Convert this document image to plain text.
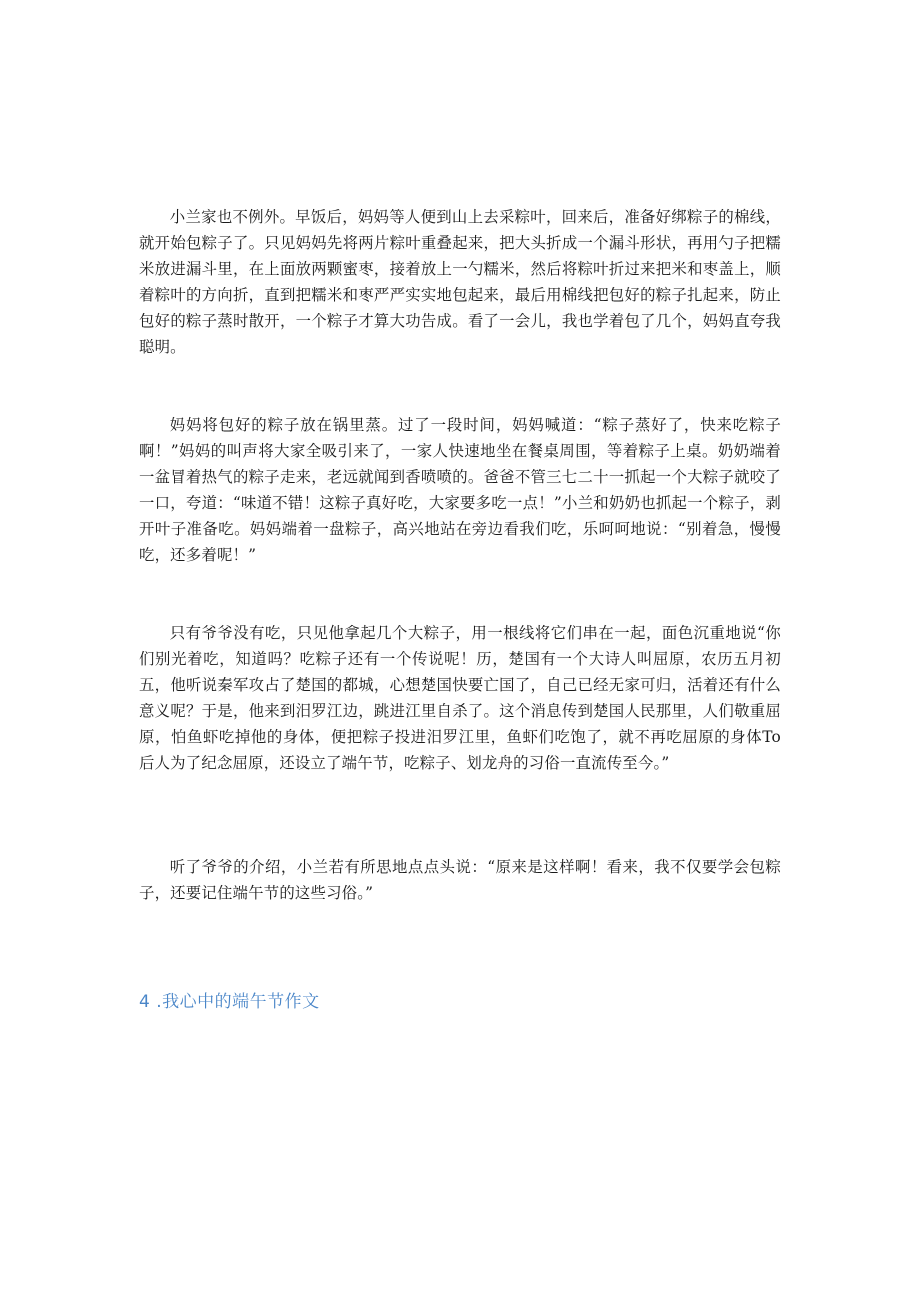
小兰家也不例外。早饭后，妈妈等人便到山上去采粽叶，回来后，准备好绑粽子的棉线，就开始包粽子了。只见妈妈先将两片粽叶重叠起来，把大头折成一个漏斗形状，再用勺子把糯米放进漏斗里，在上面放两颗蜜枣，接着放上一勺糯米，然后将粽叶折过来把米和枣盖上，顺着粽叶的方向折，直到把糯米和枣严严实实地包起来，最后用棉线把包好的粽子扎起来，防止包好的粽子蒸时散开，一个粽子才算大功告成。看了一会儿，我也学着包了几个，妈妈直夸我聪明。

妈妈将包好的粽子放在锅里蒸。过了一段时间，妈妈喊道：“粽子蒸好了，快来吃粽子啊！”妈妈的叫声将大家全吸引来了，一家人快速地坐在餐桌周围，等着粽子上桌。奶奶端着一盆冒着热气的粽子走来，老远就闻到香喷喷的。爸爸不管三七二十一抓起一个大粽子就咬了一口，夸道：“味道不错！这粽子真好吃，大家要多吃一点！”小兰和奶奶也抓起一个粽子，剥开叶子准备吃。妈妈端着一盘粽子，高兴地站在旁边看我们吃，乐呵呵地说：“别着急，慢慢吃，还多着呢！”

只有爷爷没有吃，只见他拿起几个大粽子，用一根线将它们串在一起，面色沉重地说“你们别光着吃，知道吗？吃粽子还有一个传说呢！历，楚国有一个大诗人叫屈原，农历五月初五，他听说秦军攻占了楚国的都城，心想楚国快要亡国了，自己已经无家可归，活着还有什么意义呢？于是，他来到汨罗江边，跳进江里自杀了。这个消息传到楚国人民那里，人们敬重屈原，怕鱼虾吃掉他的身体，便把粽子投进汨罗江里，鱼虾们吃饱了，就不再吃屈原的身体To后人为了纪念屈原，还设立了端午节，吃粽子、划龙舟的习俗一直流传至今。”

听了爷爷的介绍，小兰若有所思地点点头说：“原来是这样啊！看来，我不仅要学会包粽子，还要记住端午节的这些习俗。”

4 .我心中的端午节作文
